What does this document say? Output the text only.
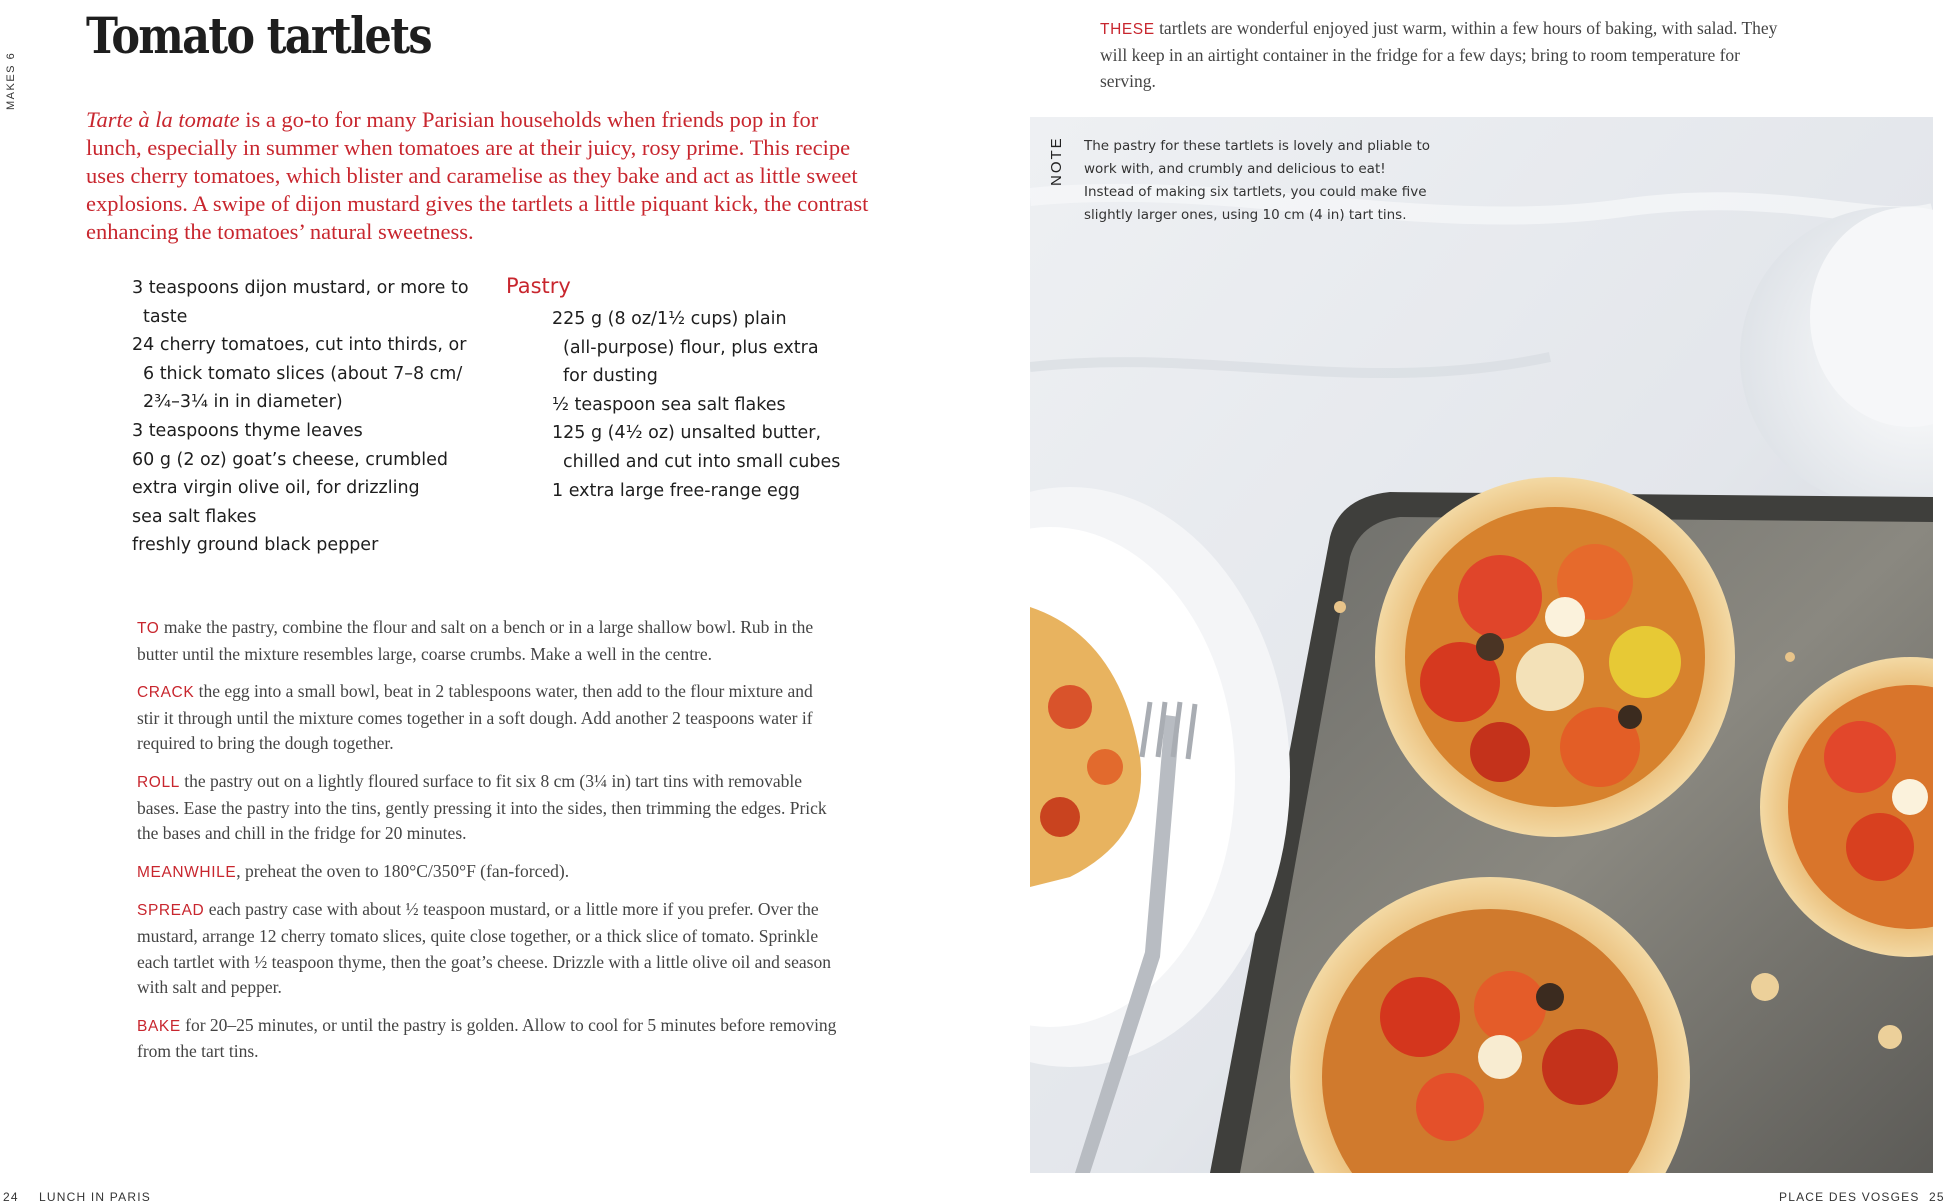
Tomato tartlets
MAKES 6
Tarte à la tomate is a go-to for many Parisian households when friends pop in for lunch, especially in summer when tomatoes are at their juicy, rosy prime. This recipe uses cherry tomatoes, which blister and caramelise as they bake and act as little sweet explosions. A swipe of dijon mustard gives the tartlets a little piquant kick, the contrast enhancing the tomatoes’ natural sweetness.
3 teaspoons dijon mustard, or more to
taste
24 cherry tomatoes, cut into thirds, or
6 thick tomato slices (about 7–8 cm/
2¾–3¼ in in diameter)
3 teaspoons thyme leaves
60 g (2 oz) goat’s cheese, crumbled
extra virgin olive oil, for drizzling
sea salt flakes
freshly ground black pepper
Pastry
225 g (8 oz/1½ cups) plain
(all-purpose) flour, plus extra
for dusting
½ teaspoon sea salt flakes
125 g (4½ oz) unsalted butter,
chilled and cut into small cubes
1 extra large free-range egg

TO make the pastry, combine the flour and salt on a bench or in a large shallow bowl. Rub in the butter until the mixture resembles large, coarse crumbs. Make a well in the centre.

CRACK the egg into a small bowl, beat in 2 tablespoons water, then add to the flour mixture and stir it through until the mixture comes together in a soft dough. Add another 2 teaspoons water if required to bring the dough together.

ROLL the pastry out on a lightly floured surface to fit six 8 cm (3¼ in) tart tins with removable bases. Ease the pastry into the tins, gently pressing it into the sides, then trimming the edges. Prick the bases and chill in the fridge for 20 minutes.

MEANWHILE, preheat the oven to 180°C/350°F (fan-forced).

SPREAD each pastry case with about ½ teaspoon mustard, or a little more if you prefer. Over the mustard, arrange 12 cherry tomato slices, quite close together, or a thick slice of tomato. Sprinkle each tartlet with ½ teaspoon thyme, then the goat’s cheese. Drizzle with a little olive oil and season with salt and pepper.

BAKE for 20–25 minutes, or until the pastry is golden. Allow to cool for 5 minutes before removing from the tart tins.

THESE tartlets are wonderful enjoyed just warm, within a few hours of baking, with salad. They will keep in an airtight container in the fridge for a few days; bring to room temperature for serving.
NOTE The pastry for these tartlets is lovely and pliable to work with, and crumbly and delicious to eat! Instead of making six tartlets, you could make five slightly larger ones, using 10 cm (4 in) tart tins.
24 LUNCH IN PARIS	PLACE DES VOSGES 25
